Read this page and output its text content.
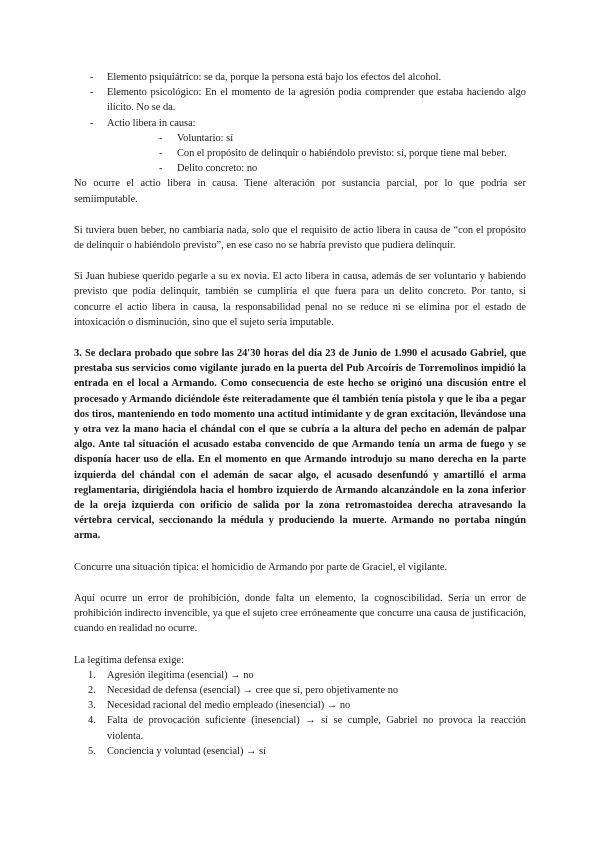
- Elemento psiquiátrico: se da, porque la persona está bajo los efectos del alcohol.
- Elemento psicológico: En el momento de la agresión podía comprender que estaba haciendo algo ilícito. No se da.
- Actio libera in causa:
- Voluntario: sí
- Con el propósito de delinquir o habiéndolo previsto: sí, porque tiene mal beber.
- Delito concreto: no

No ocurre el actio libera in causa. Tiene alteración por sustancia parcial, por lo que podría ser semiimputable.

Si tuviera buen beber, no cambiaría nada, solo que el requisito de actio libera in causa de “con el propósito de delinquir o habiéndolo previsto”, en ese caso no se habría previsto que pudiera delinquir.

Si Juan hubiese querido pegarle a su ex novia. El acto libera in causa, además de ser voluntario y habiendo previsto que podía delinquir, también se cumpliría el que fuera para un delito concreto. Por tanto, si concurre el actio libera in causa, la responsabilidad penal no se reduce ni se elimina por el estado de intoxicación o disminución, sino que el sujeto sería imputable.

3. Se declara probado que sobre las 24'30 horas del día 23 de Junio de 1.990 el acusado Gabriel, que prestaba sus servicios como vigilante jurado en la puerta del Pub Arcoíris de Torremolinos impidió la entrada en el local a Armando. Como consecuencia de este hecho se originó una discusión entre el procesado y Armando diciéndole éste reiteradamente que él también tenía pistola y que le iba a pegar dos tiros, manteniendo en todo momento una actitud intimidante y de gran excitación, llevándose una y otra vez la mano hacia el chándal con el que se cubría a la altura del pecho en ademán de palpar algo. Ante tal situación el acusado estaba convencido de que Armando tenía un arma de fuego y se disponía hacer uso de ella. En el momento en que Armando introdujo su mano derecha en la parte izquierda del chándal con el ademán de sacar algo, el acusado desenfundó y amartilló el arma reglamentaria, dirigiéndola hacia el hombro izquierdo de Armando alcanzándole en la zona inferior de la oreja izquierda con orificio de salida por la zona retromastoidea derecha atravesando la vértebra cervical, seccionando la médula y produciendo la muerte. Armando no portaba ningún arma.

Concurre una situación típica: el homicidio de Armando por parte de Graciel, el vigilante.

Aquí ocurre un error de prohibición, donde falta un elemento, la cognoscibilidad. Sería un error de prohibición indirecto invencible, ya que el sujeto cree erróneamente que concurre una causa de justificación, cuando en realidad no ocurre.

La legítima defensa exige:

1. Agresión ilegítima (esencial) → no
2. Necesidad de defensa (esencial) → cree que sí, pero objetivamente no
3. Necesidad racional del medio empleado (inesencial) → no
4. Falta de provocación suficiente (inesencial) → sí se cumple, Gabriel no provoca la reacción violenta.
5. Conciencia y voluntad (esencial) → sí
